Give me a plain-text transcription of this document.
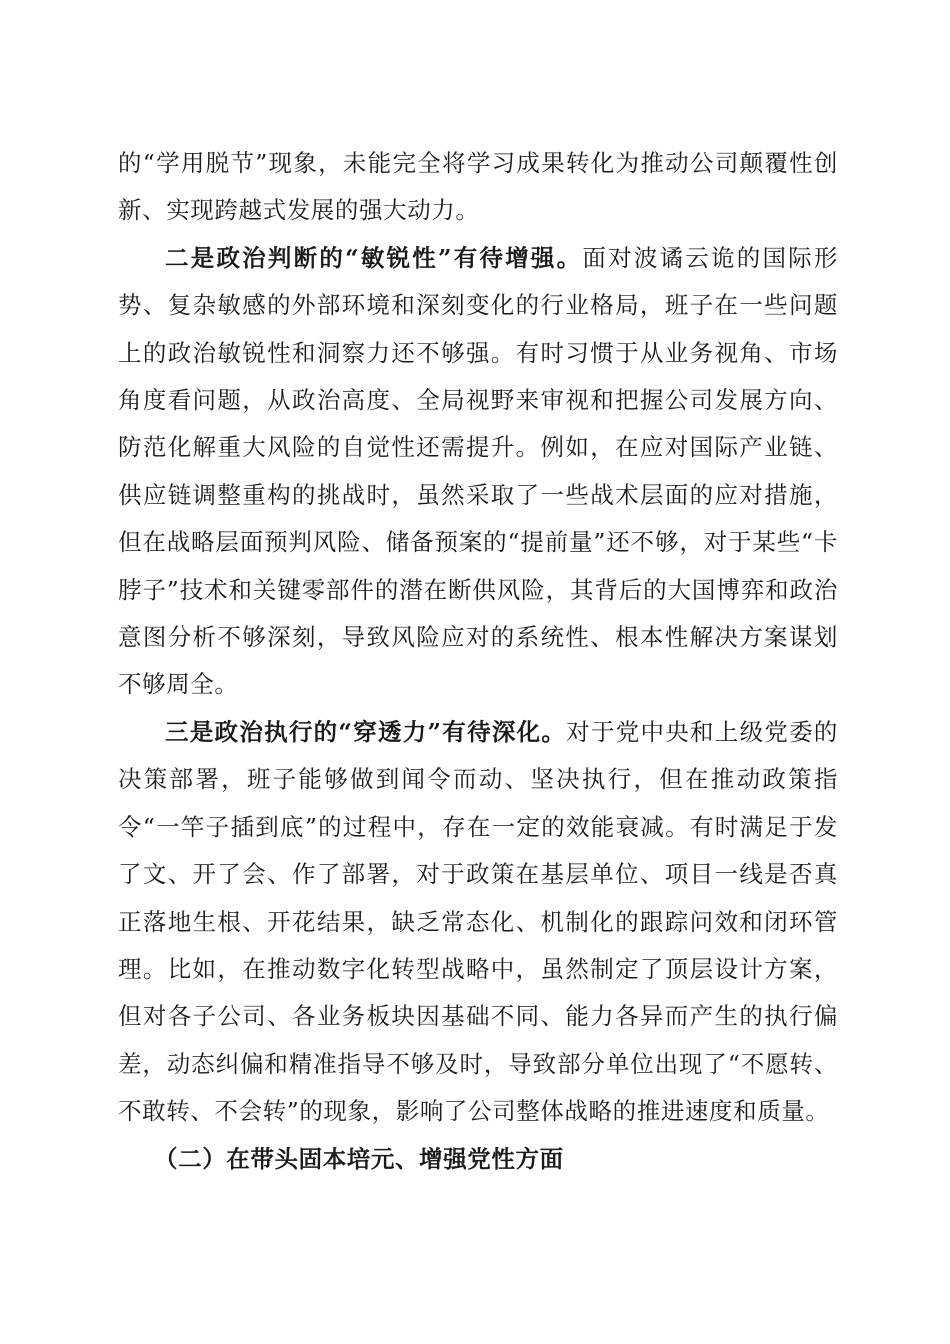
的“学用脱节”现象，未能完全将学习成果转化为推动公司颠覆性创新、实现跨越式发展的强大动力。

二是政治判断的“敏锐性”有待增强。面对波谲云诡的国际形势、复杂敏感的外部环境和深刻变化的行业格局，班子在一些问题上的政治敏锐性和洞察力还不够强。有时习惯于从业务视角、市场角度看问题，从政治高度、全局视野来审视和把握公司发展方向、防范化解重大风险的自觉性还需提升。例如，在应对国际产业链、供应链调整重构的挑战时，虽然采取了一些战术层面的应对措施，但在战略层面预判风险、储备预案的“提前量”还不够，对于某些“卡脖子”技术和关键零部件的潜在断供风险，其背后的大国博弈和政治意图分析不够深刻，导致风险应对的系统性、根本性解决方案谋划不够周全。

三是政治执行的“穿透力”有待深化。对于党中央和上级党委的决策部署，班子能够做到闻令而动、坚决执行，但在推动政策指令“一竿子插到底”的过程中，存在一定的效能衰减。有时满足于发了文、开了会、作了部署，对于政策在基层单位、项目一线是否真正落地生根、开花结果，缺乏常态化、机制化的跟踪问效和闭环管理。比如，在推动数字化转型战略中，虽然制定了顶层设计方案，但对各子公司、各业务板块因基础不同、能力各异而产生的执行偏差，动态纠偏和精准指导不够及时，导致部分单位出现了“不愿转、不敢转、不会转”的现象，影响了公司整体战略的推进速度和质量。

（二）在带头固本培元、增强党性方面
